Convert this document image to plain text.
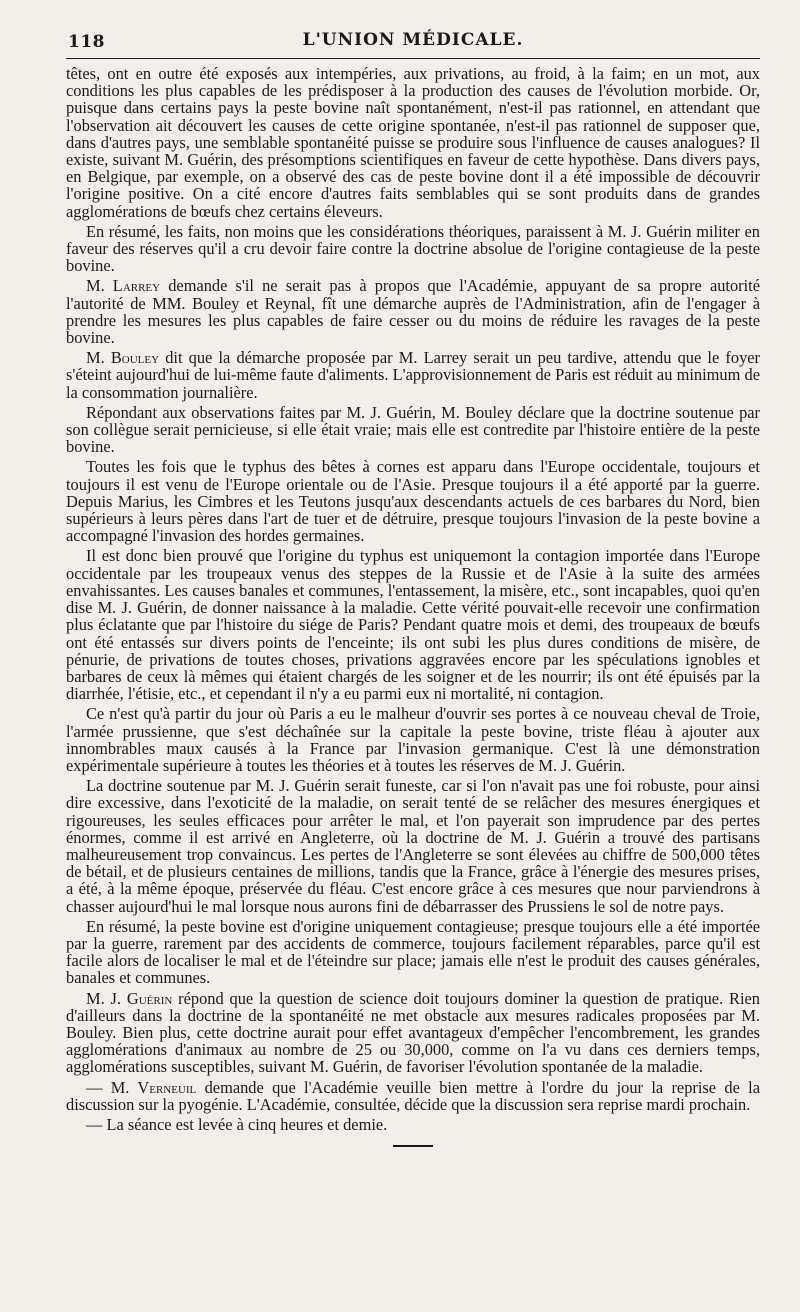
118	L'UNION MÉDICALE.

têtes, ont en outre été exposés aux intempéries, aux privations, au froid, à la faim; en un mot, aux conditions les plus capables de les prédisposer à la production des causes de l'évolution morbide. Or, puisque dans certains pays la peste bovine naît spontanément, n'est-il pas rationnel, en attendant que l'observation ait découvert les causes de cette origine spontanée, n'est-il pas rationnel de supposer que, dans d'autres pays, une semblable spontanéité puisse se produire sous l'influence de causes analogues? Il existe, suivant M. Guérin, des présomptions scientifiques en faveur de cette hypothèse. Dans divers pays, en Belgique, par exemple, on a observé des cas de peste bovine dont il a été impossible de découvrir l'origine positive. On a cité encore d'autres faits semblables qui se sont produits dans de grandes agglomérations de bœufs chez certains éleveurs.

En résumé, les faits, non moins que les considérations théoriques, paraissent à M. J. Guérin militer en faveur des réserves qu'il a cru devoir faire contre la doctrine absolue de l'origine contagieuse de la peste bovine.

M. Larrey demande s'il ne serait pas à propos que l'Académie, appuyant de sa propre autorité l'autorité de MM. Bouley et Reynal, fît une démarche auprès de l'Administration, afin de l'engager à prendre les mesures les plus capables de faire cesser ou du moins de réduire les ravages de la peste bovine.

M. Bouley dit que la démarche proposée par M. Larrey serait un peu tardive, attendu que le foyer s'éteint aujourd'hui de lui-même faute d'aliments. L'approvisionnement de Paris est réduit au minimum de la consommation journalière.

Répondant aux observations faites par M. J. Guérin, M. Bouley déclare que la doctrine soutenue par son collègue serait pernicieuse, si elle était vraie; mais elle est contredite par l'histoire entière de la peste bovine.

Toutes les fois que le typhus des bêtes à cornes est apparu dans l'Europe occidentale, toujours et toujours il est venu de l'Europe orientale ou de l'Asie. Presque toujours il a été apporté par la guerre. Depuis Marius, les Cimbres et les Teutons jusqu'aux descendants actuels de ces barbares du Nord, bien supérieurs à leurs pères dans l'art de tuer et de détruire, presque toujours l'invasion de la peste bovine a accompagné l'invasion des hordes germaines.

Il est donc bien prouvé que l'origine du typhus est uniquemont la contagion importée dans l'Europe occidentale par les troupeaux venus des steppes de la Russie et de l'Asie à la suite des armées envahissantes. Les causes banales et communes, l'entassement, la misère, etc., sont incapables, quoi qu'en dise M. J. Guérin, de donner naissance à la maladie. Cette vérité pouvait-elle recevoir une confirmation plus éclatante que par l'histoire du siége de Paris? Pendant quatre mois et demi, des troupeaux de bœufs ont été entassés sur divers points de l'enceinte; ils ont subi les plus dures conditions de misère, de pénurie, de privations de toutes choses, privations aggravées encore par les spéculations ignobles et barbares de ceux là mêmes qui étaient chargés de les soigner et de les nourrir; ils ont été épuisés par la diarrhée, l'étisie, etc., et cependant il n'y a eu parmi eux ni mortalité, ni contagion.

Ce n'est qu'à partir du jour où Paris a eu le malheur d'ouvrir ses portes à ce nouveau cheval de Troie, l'armée prussienne, que s'est déchaînée sur la capitale la peste bovine, triste fléau à ajouter aux innombrables maux causés à la France par l'invasion germanique. C'est là une démonstration expérimentale supérieure à toutes les théories et à toutes les réserves de M. J. Guérin.

La doctrine soutenue par M. J. Guérin serait funeste, car si l'on n'avait pas une foi robuste, pour ainsi dire excessive, dans l'exoticité de la maladie, on serait tenté de se relâcher des mesures énergiques et rigoureuses, les seules efficaces pour arrêter le mal, et l'on payerait son imprudence par des pertes énormes, comme il est arrivé en Angleterre, où la doctrine de M. J. Guérin a trouvé des partisans malheureusement trop convaincus. Les pertes de l'Angleterre se sont élevées au chiffre de 500,000 têtes de bétail, et de plusieurs centaines de millions, tandis que la France, grâce à l'énergie des mesures prises, a été, à la même époque, préservée du fléau. C'est encore grâce à ces mesures que nour parviendrons à chasser aujourd'hui le mal lorsque nous aurons fini de débarrasser des Prussiens le sol de notre pays.

En résumé, la peste bovine est d'origine uniquement contagieuse; presque toujours elle a été importée par la guerre, rarement par des accidents de commerce, toujours facilement réparables, parce qu'il est facile alors de localiser le mal et de l'éteindre sur place; jamais elle n'est le produit des causes générales, banales et communes.

M. J. Guérin répond que la question de science doit toujours dominer la question de pratique. Rien d'ailleurs dans la doctrine de la spontanéité ne met obstacle aux mesures radicales proposées par M. Bouley. Bien plus, cette doctrine aurait pour effet avantageux d'empêcher l'encombrement, les grandes agglomérations d'animaux au nombre de 25 ou 30,000, comme on l'a vu dans ces derniers temps, agglomérations susceptibles, suivant M. Guérin, de favoriser l'évolution spontanée de la maladie.

— M. Verneuil demande que l'Académie veuille bien mettre à l'ordre du jour la reprise de la discussion sur la pyogénie. L'Académie, consultée, décide que la discussion sera reprise mardi prochain.

— La séance est levée à cinq heures et demie.
